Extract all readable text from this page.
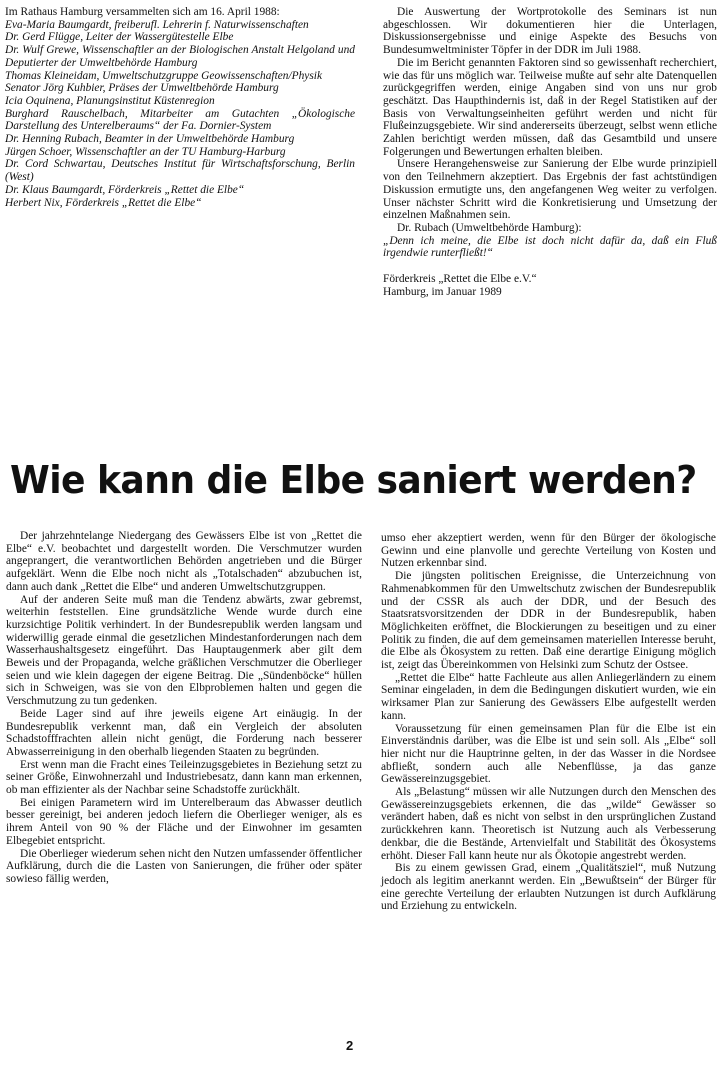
Im Rathaus Hamburg versammelten sich am 16. April 1988:

Eva-Maria Baumgardt, freiberufl. Lehrerin f. Naturwissenschaften

Dr. Gerd Flügge, Leiter der Wassergütestelle Elbe

Dr. Wulf Grewe, Wissenschaftler an der Biologischen Anstalt Helgoland und Deputierter der Umweltbehörde Hamburg

Thomas Kleineidam, Umweltschutzgruppe Geowissenschaften/Physik

Senator Jörg Kuhbier, Präses der Umweltbehörde Hamburg

Icia Oquinena, Planungsinstitut Küstenregion

Burghard Rauschelbach, Mitarbeiter am Gutachten „Ökologische Darstellung des Unterelberaums“ der Fa. Dornier-System

Dr. Henning Rubach, Beamter in der Umweltbehörde Hamburg

Jürgen Schoer, Wissenschaftler an der TU Hamburg-Harburg

Dr. Cord Schwartau, Deutsches Institut für Wirtschaftsforschung, Berlin (West)

Dr. Klaus Baumgardt, Förderkreis „Rettet die Elbe“

Herbert Nix, Förderkreis „Rettet die Elbe“

Die Auswertung der Wortprotokolle des Seminars ist nun abgeschlossen. Wir dokumentieren hier die Unterlagen, Diskussionsergebnisse und einige Aspekte des Besuchs von Bundesumweltminister Töpfer in der DDR im Juli 1988.

Die im Bericht genannten Faktoren sind so gewissenhaft recherchiert, wie das für uns möglich war. Teilweise mußte auf sehr alte Datenquellen zurückgegriffen werden, einige Angaben sind von uns nur grob geschätzt. Das Haupthindernis ist, daß in der Regel Statistiken auf der Basis von Verwaltungseinheiten geführt werden und nicht für Flußeinzugsgebiete. Wir sind andererseits überzeugt, selbst wenn etliche Zahlen berichtigt werden müssen, daß das Gesamtbild und unsere Folgerungen und Bewertungen erhalten bleiben.

Unsere Herangehensweise zur Sanierung der Elbe wurde prinzipiell von den Teilnehmern akzeptiert. Das Ergebnis der fast achtstündigen Diskussion ermutigte uns, den angefangenen Weg weiter zu verfolgen. Unser nächster Schritt wird die Konkretisierung und Umsetzung der einzelnen Maßnahmen sein.

Dr. Rubach (Umweltbehörde Hamburg):

„Denn ich meine, die Elbe ist doch nicht dafür da, daß ein Fluß irgendwie runterfließt!“

Förderkreis „Rettet die Elbe e.V.“

Hamburg, im Januar 1989

Wie kann die Elbe saniert werden?

Der jahrzehntelange Niedergang des Gewässers Elbe ist von „Rettet die Elbe“ e.V. beobachtet und dargestellt worden. Die Verschmutzer wurden angeprangert, die verantwortlichen Behörden angetrieben und die Bürger aufgeklärt. Wenn die Elbe noch nicht als „Totalschaden“ abzubuchen ist, dann auch dank „Rettet die Elbe“ und anderen Umweltschutzgruppen.

Auf der anderen Seite muß man die Tendenz abwärts, zwar gebremst, weiterhin feststellen. Eine grundsätzliche Wende wurde durch eine kurzsichtige Politik verhindert. In der Bundesrepublik werden langsam und widerwillig gerade einmal die gesetzlichen Mindestanforderungen nach dem Wasserhaushaltsgesetz eingeführt. Das Hauptaugenmerk aber gilt dem Beweis und der Propaganda, welche gräßlichen Verschmutzer die Oberlieger seien und wie klein dagegen der eigene Beitrag. Die „Sündenböcke“ hüllen sich in Schweigen, was sie von den Elbproblemen halten und gegen die Verschmutzung zu tun gedenken.

Beide Lager sind auf ihre jeweils eigene Art einäugig. In der Bundesrepublik verkennt man, daß ein Vergleich der absoluten Schadstofffrachten allein nicht genügt, die Forderung nach besserer Abwasserreinigung in den oberhalb liegenden Staaten zu begründen.

Erst wenn man die Fracht eines Teileinzugsgebietes in Beziehung setzt zu seiner Größe, Einwohnerzahl und Industriebesatz, dann kann man erkennen, ob man effizienter als der Nachbar seine Schadstoffe zurückhält.

Bei einigen Parametern wird im Unterelberaum das Abwasser deutlich besser gereinigt, bei anderen jedoch liefern die Oberlieger weniger, als es ihrem Anteil von 90 % der Fläche und der Einwohner im gesamten Elbegebiet entspricht.

Die Oberlieger wiederum sehen nicht den Nutzen umfassender öffentlicher Aufklärung, durch die die Lasten von Sanierungen, die früher oder später sowieso fällig werden,

umso eher akzeptiert werden, wenn für den Bürger der ökologische Gewinn und eine planvolle und gerechte Verteilung von Kosten und Nutzen erkennbar sind.

Die jüngsten politischen Ereignisse, die Unterzeichnung von Rahmenabkommen für den Umweltschutz zwischen der Bundesrepublik und der CSSR als auch der DDR, und der Besuch des Staatsratsvorsitzenden der DDR in der Bundesrepublik, haben Möglichkeiten eröffnet, die Blockierungen zu beseitigen und zu einer Politik zu finden, die auf dem gemeinsamen materiellen Interesse beruht, die Elbe als Ökosystem zu retten. Daß eine derartige Einigung möglich ist, zeigt das Übereinkommen von Helsinki zum Schutz der Ostsee.

„Rettet die Elbe“ hatte Fachleute aus allen Anliegerländern zu einem Seminar eingeladen, in dem die Bedingungen diskutiert wurden, wie ein wirksamer Plan zur Sanierung des Gewässers Elbe aufgestellt werden kann.

Voraussetzung für einen gemeinsamen Plan für die Elbe ist ein Einverständnis darüber, was die Elbe ist und sein soll. Als „Elbe“ soll hier nicht nur die Hauptrinne gelten, in der das Wasser in die Nordsee abfließt, sondern auch alle Nebenflüsse, ja das ganze Gewässereinzugsgebiet.

Als „Belastung“ müssen wir alle Nutzungen durch den Menschen des Gewässereinzugsgebiets erkennen, die das „wilde“ Gewässer so verändert haben, daß es nicht von selbst in den ursprünglichen Zustand zurückkehren kann. Theoretisch ist Nutzung auch als Verbesserung denkbar, die die Bestände, Artenvielfalt und Stabilität des Ökosystems erhöht. Dieser Fall kann heute nur als Ökotopie angestrebt werden.

Bis zu einem gewissen Grad, einem „Qualitätsziel“, muß Nutzung jedoch als legitim anerkannt werden. Ein „Bewußtsein“ der Bürger für eine gerechte Verteilung der erlaubten Nutzungen ist durch Aufklärung und Erziehung zu entwickeln.

2
